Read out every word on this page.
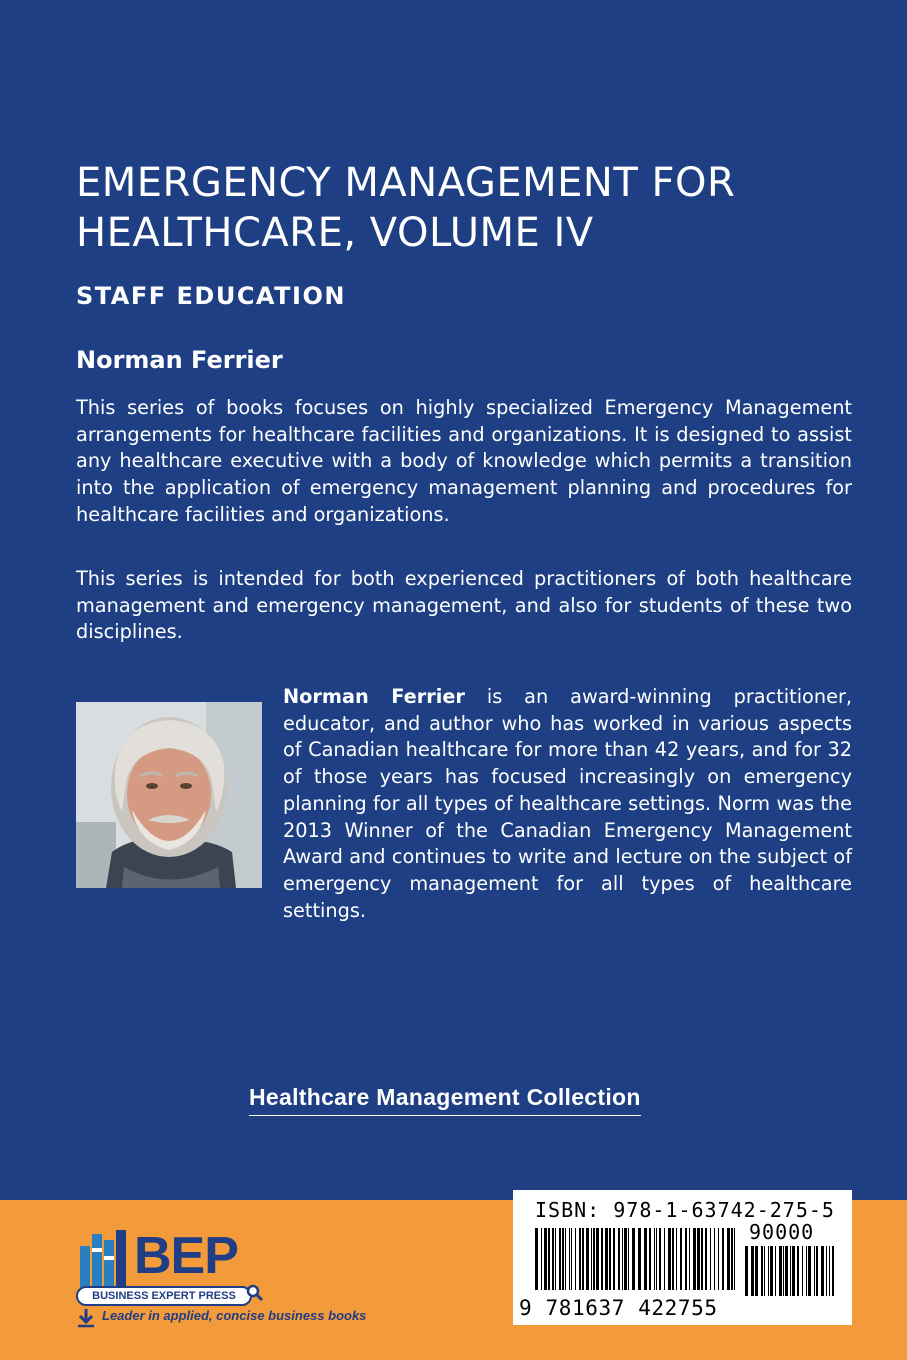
EMERGENCY MANAGEMENT FOR
HEALTHCARE, VOLUME IV
STAFF EDUCATION
Norman Ferrier

This series of books focuses on highly specialized Emergency Management arrangements for healthcare facilities and organizations. It is designed to assist any healthcare executive with a body of knowledge which permits a transition into the application of emergency management planning and procedures for healthcare facilities and organizations.

This series is intended for both experienced practitioners of both healthcare management and emergency management, and also for students of these two disciplines.

Norman Ferrier is an award-winning practitioner, educator, and author who has worked in various aspects of Canadian healthcare for more than 42 years, and for 32 of those years has focused increasingly on emergency planning for all types of healthcare settings. Norm was the 2013 Winner of the Canadian Emergency Management Award and continues to write and lecture on the subject of emergency management for all types of healthcare settings.

Healthcare Management Collection
BEP
BUSINESS EXPERT PRESS
Leader in applied, concise business books
ISBN: 978-1-63742-275-5
90000
9 781637 422755
